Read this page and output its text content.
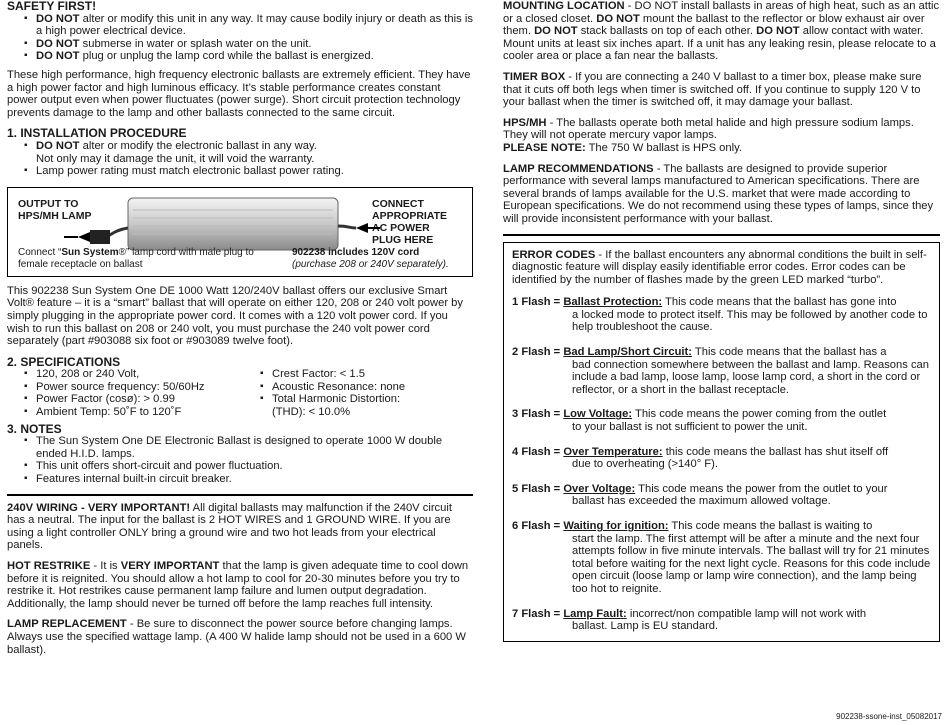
SAFETY FIRST!
▪ DO NOT alter or modify this unit in any way. It may cause bodily injury or death as this is a high power electrical device.
▪ DO NOT submerse in water or splash water on the unit.
▪ DO NOT plug or unplug the lamp cord while the ballast is energized.

These high performance, high frequency electronic ballasts are extremely efficient. They have a high power factor and high luminous efficacy. It’s stable performance creates constant power output even when power fluctuates (power surge). Short circuit protection technology prevents damage to the lamp and other ballasts connected to the same circuit.

1. INSTALLATION PROCEDURE
▪ DO NOT alter or modify the electronic ballast in any way.
Not only may it damage the unit, it will void the warranty.
▪ Lamp power rating must match electronic ballast power rating.
OUTPUT TO HPS/MH LAMP
CONNECT APPROPRIATE AC POWER PLUG HERE
Connect “Sun System®” lamp cord with male plug to female receptacle on ballast
902238 includes 120V cord
(purchase 208 or 240V separately).

This 902238 Sun System One DE 1000 Watt 120/240V ballast offers our exclusive Smart Volt® feature – it is a “smart” ballast that will operate on either 120, 208 or 240 volt power by simply plugging in the appropriate power cord. It comes with a 120 volt power cord. If you wish to run this ballast on 208 or 240 volt, you must purchase the 240 volt power cord separately (part #903088 six foot or #903089 twelve foot).

2. SPECIFICATIONS
▪ 120, 208 or 240 Volt,
▪ Power source frequency: 50/60Hz
▪ Power Factor (cosø): > 0.99
▪ Ambient Temp: 50˚F to 120˚F
▪ Crest Factor: < 1.5
▪ Acoustic Resonance: none
▪ Total Harmonic Distortion:
(THD): < 10.0%
3. NOTES
▪ The Sun System One DE Electronic Ballast is designed to operate 1000 W double ended H.I.D. lamps.
▪ This unit offers short-circuit and power fluctuation.
▪ Features internal built-in circuit breaker.

240V WIRING - VERY IMPORTANT! All digital ballasts may malfunction if the 240V circuit has a neutral. The input for the ballast is 2 HOT WIRES and 1 GROUND WIRE. If you are using a light controller ONLY bring a ground wire and two hot leads from your electrical panels.

HOT RESTRIKE - It is VERY IMPORTANT that the lamp is given adequate time to cool down before it is reignited. You should allow a hot lamp to cool for 20-30 minutes before you try to restrike it. Hot restrikes cause permanent lamp failure and lumen output degradation. Additionally, the lamp should never be turned off before the lamp reaches full intensity.

LAMP REPLACEMENT - Be sure to disconnect the power source before changing lamps. Always use the specified wattage lamp. (A 400 W halide lamp should not be used in a 600 W ballast).

MOUNTING LOCATION - DO NOT install ballasts in areas of high heat, such as an attic or a closed closet. DO NOT mount the ballast to the reflector or blow exhaust air over them. DO NOT stack ballasts on top of each other. DO NOT allow contact with water. Mount units at least six inches apart. If a unit has any leaking resin, please relocate to a cooler area or place a fan near the ballasts.

TIMER BOX - If you are connecting a 240 V ballast to a timer box, please make sure that it cuts off both legs when timer is switched off. If you continue to supply 120 V to your ballast when the timer is switched off, it may damage your ballast.

HPS/MH - The ballasts operate both metal halide and high pressure sodium lamps. They will not operate mercury vapor lamps.
PLEASE NOTE: The 750 W ballast is HPS only.

LAMP RECOMMENDATIONS - The ballasts are designed to provide superior performance with several lamps manufactured to American specifications. There are several brands of lamps available for the U.S. market that were made according to European specifications. We do not recommend using these types of lamps, since they will provide inconsistent performance with your ballast.

ERROR CODES - If the ballast encounters any abnormal conditions the built in self-diagnostic feature will display easily identifiable error codes. Error codes can be identified by the number of flashes made by the green LED marked “turbo”.

1 Flash = Ballast Protection: This code means that the ballast has gone into
a locked mode to protect itself. This may be followed by another code to help troubleshoot the cause.
2 Flash = Bad Lamp/Short Circuit: This code means that the ballast has a
bad connection somewhere between the ballast and lamp. Reasons can include a bad lamp, loose lamp, loose lamp cord, a short in the cord or reflector, or a short in the ballast receptacle.
3 Flash = Low Voltage: This code means the power coming from the outlet
to your ballast is not sufficient to power the unit.
4 Flash = Over Temperature: this code means the ballast has shut itself off
due to overheating (>140° F).
5 Flash = Over Voltage: This code means the power from the outlet to your
ballast has exceeded the maximum allowed voltage.
6 Flash = Waiting for ignition: This code means the ballast is waiting to
start the lamp. The first attempt will be after a minute and the next four attempts follow in five minute intervals. The ballast will try for 21 minutes total before waiting for the next light cycle. Reasons for this code include open circuit (loose lamp or lamp wire connection), and the lamp being too hot to reignite.
7 Flash = Lamp Fault: incorrect/non compatible lamp will not work with
ballast. Lamp is EU standard.
902238-ssone-inst_05082017
